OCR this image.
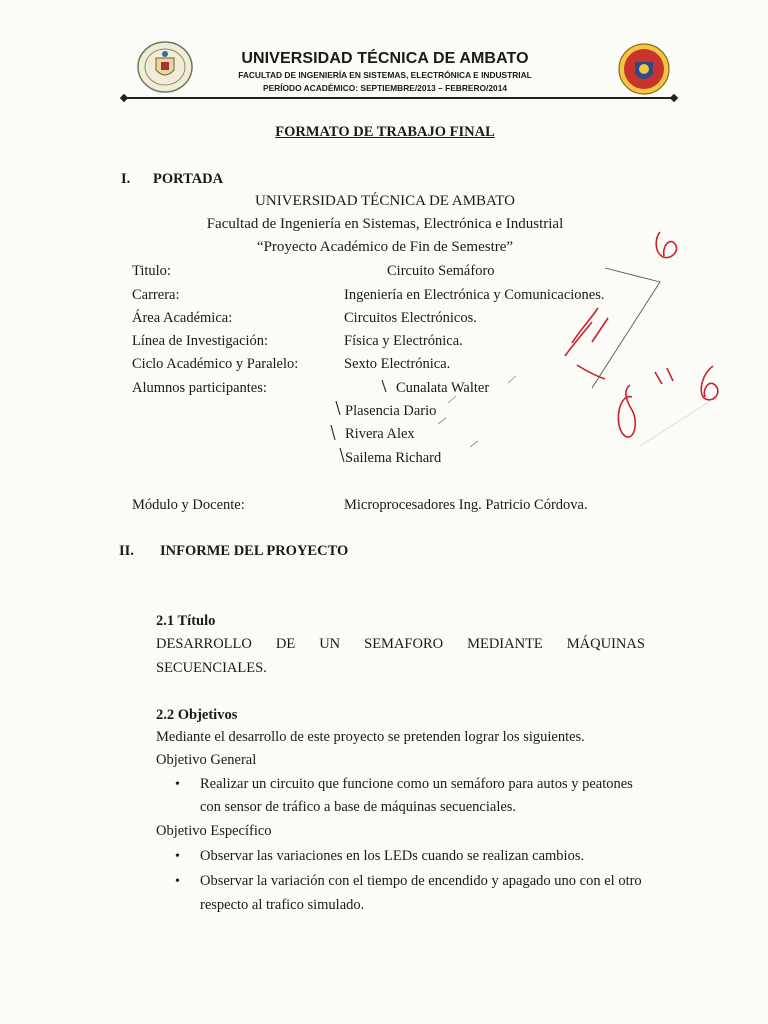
UNIVERSIDAD TÉCNICA DE AMBATO
FACULTAD DE INGENIERÍA EN SISTEMAS, ELECTRÓNICA E INDUSTRIAL
PERÍODO ACADÉMICO: SEPTIEMBRE/2013 – FEBRERO/2014
FORMATO DE TRABAJO FINAL
I. PORTADA
UNIVERSIDAD TÉCNICA DE AMBATO
Facultad de Ingeniería en Sistemas, Electrónica e Industrial
“Proyecto Académico de Fin de Semestre”
Titulo:	Circuito Semáforo
Carrera:	Ingeniería en Electrónica y Comunicaciones.
Área Académica:	Circuitos Electrónicos.
Línea de Investigación:	Física y Electrónica.
Ciclo Académico y Paralelo:	Sexto Electrónica.
Alumnos participantes:	Cunalata Walter
Plasencia Dario
Rivera Alex
Sailema Richard
Módulo y Docente:	Microprocesadores Ing. Patricio Córdova.
II. INFORME DEL PROYECTO
2.1 Título
DESARROLLO DE UN SEMAFORO MEDIANTE MÁQUINAS
SECUENCIALES.
2.2 Objetivos
Mediante el desarrollo de este proyecto se pretenden lograr los siguientes.
Objetivo General
• Realizar un circuito que funcione como un semáforo para autos y peatones
con sensor de tráfico a base de máquinas secuenciales.
Objetivo Específico
• Observar las variaciones en los LEDs cuando se realizan cambios.
• Observar la variación con el tiempo de encendido y apagado uno con el otro
respecto al trafico simulado.
